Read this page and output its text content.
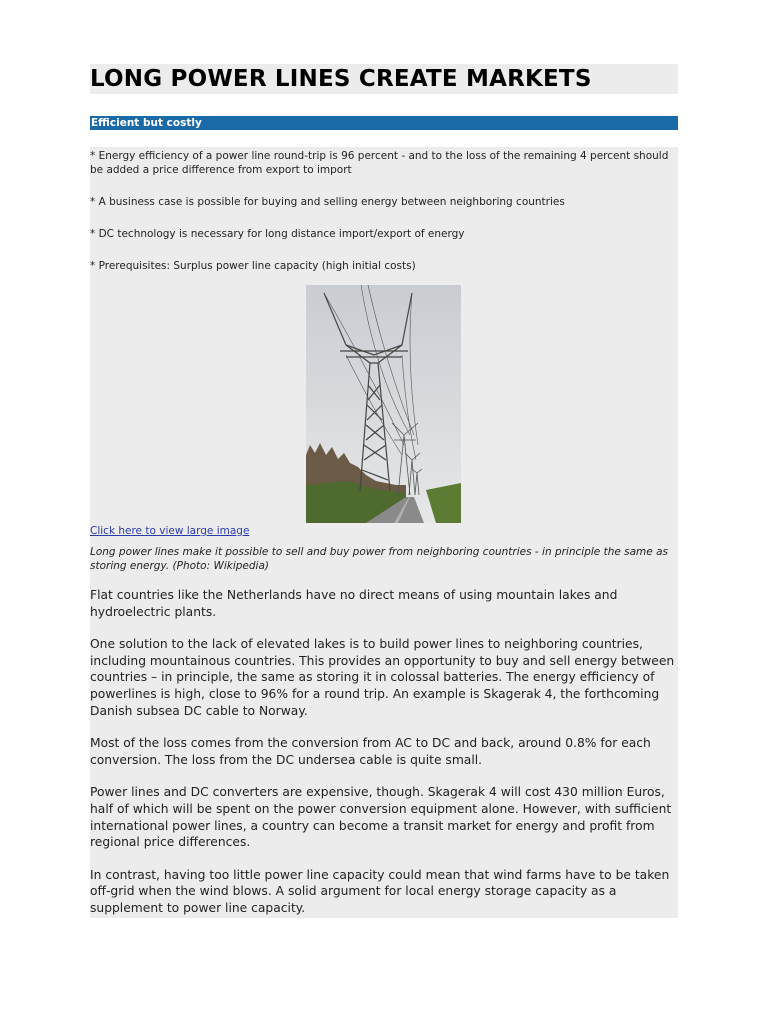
LONG POWER LINES CREATE MARKETS
Efficient but costly

* Energy efficiency of a power line round-trip is 96 percent - and to the loss of the remaining 4 percent should be added a price difference from export to import

* A business case is possible for buying and selling energy between neighboring countries

* DC technology is necessary for long distance import/export of energy

* Prerequisites: Surplus power line capacity (high initial costs)

Click here to view large image

Long power lines make it possible to sell and buy power from neighboring countries - in principle the same as storing energy. (Photo: Wikipedia)

Flat countries like the Netherlands have no direct means of using mountain lakes and hydroelectric plants.

One solution to the lack of elevated lakes is to build power lines to neighboring countries, including mountainous countries. This provides an opportunity to buy and sell energy between countries – in principle, the same as storing it in colossal batteries. The energy efficiency of powerlines is high, close to 96% for a round trip. An example is Skagerak 4, the forthcoming Danish subsea DC cable to Norway.

Most of the loss comes from the conversion from AC to DC and back, around 0.8% for each conversion. The loss from the DC undersea cable is quite small.

Power lines and DC converters are expensive, though. Skagerak 4 will cost 430 million Euros, half of which will be spent on the power conversion equipment alone. However, with sufficient international power lines, a country can become a transit market for energy and profit from regional price differences.

In contrast, having too little power line capacity could mean that wind farms have to be taken off-grid when the wind blows. A solid argument for local energy storage capacity as a supplement to power line capacity.
